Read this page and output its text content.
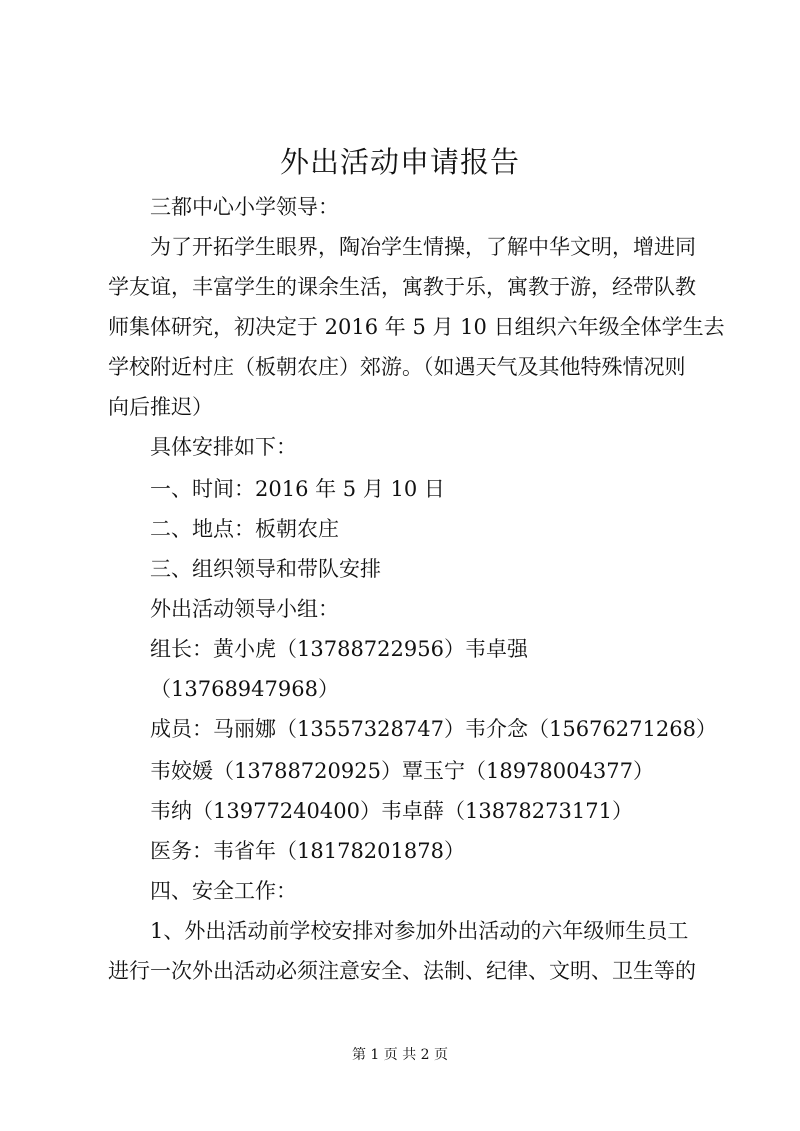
外出活动申请报告
三都中心小学领导：
为了开拓学生眼界，陶冶学生情操，了解中华文明，增进同
学友谊，丰富学生的课余生活，寓教于乐，寓教于游，经带队教
师集体研究，初决定于 2016 年 5 月 10 日组织六年级全体学生去
学校附近村庄（板朝农庄）郊游。（如遇天气及其他特殊情况则
向后推迟）
具体安排如下：
一、时间：2016 年 5 月 10 日
二、地点：板朝农庄
三、组织领导和带队安排
外出活动领导小组：
组长：黄小虎（13788722956）韦卓强
（13768947968）
成员：马丽娜（13557328747）韦介念（15676271268）
韦姣媛（13788720925）覃玉宁（18978004377）
韦纳（13977240400）韦卓薛（13878273171）
医务：韦省年（18178201878）
四、安全工作：
1、外出活动前学校安排对参加外出活动的六年级师生员工
进行一次外出活动必须注意安全、法制、纪律、文明、卫生等的
第 1 页 共 2 页
